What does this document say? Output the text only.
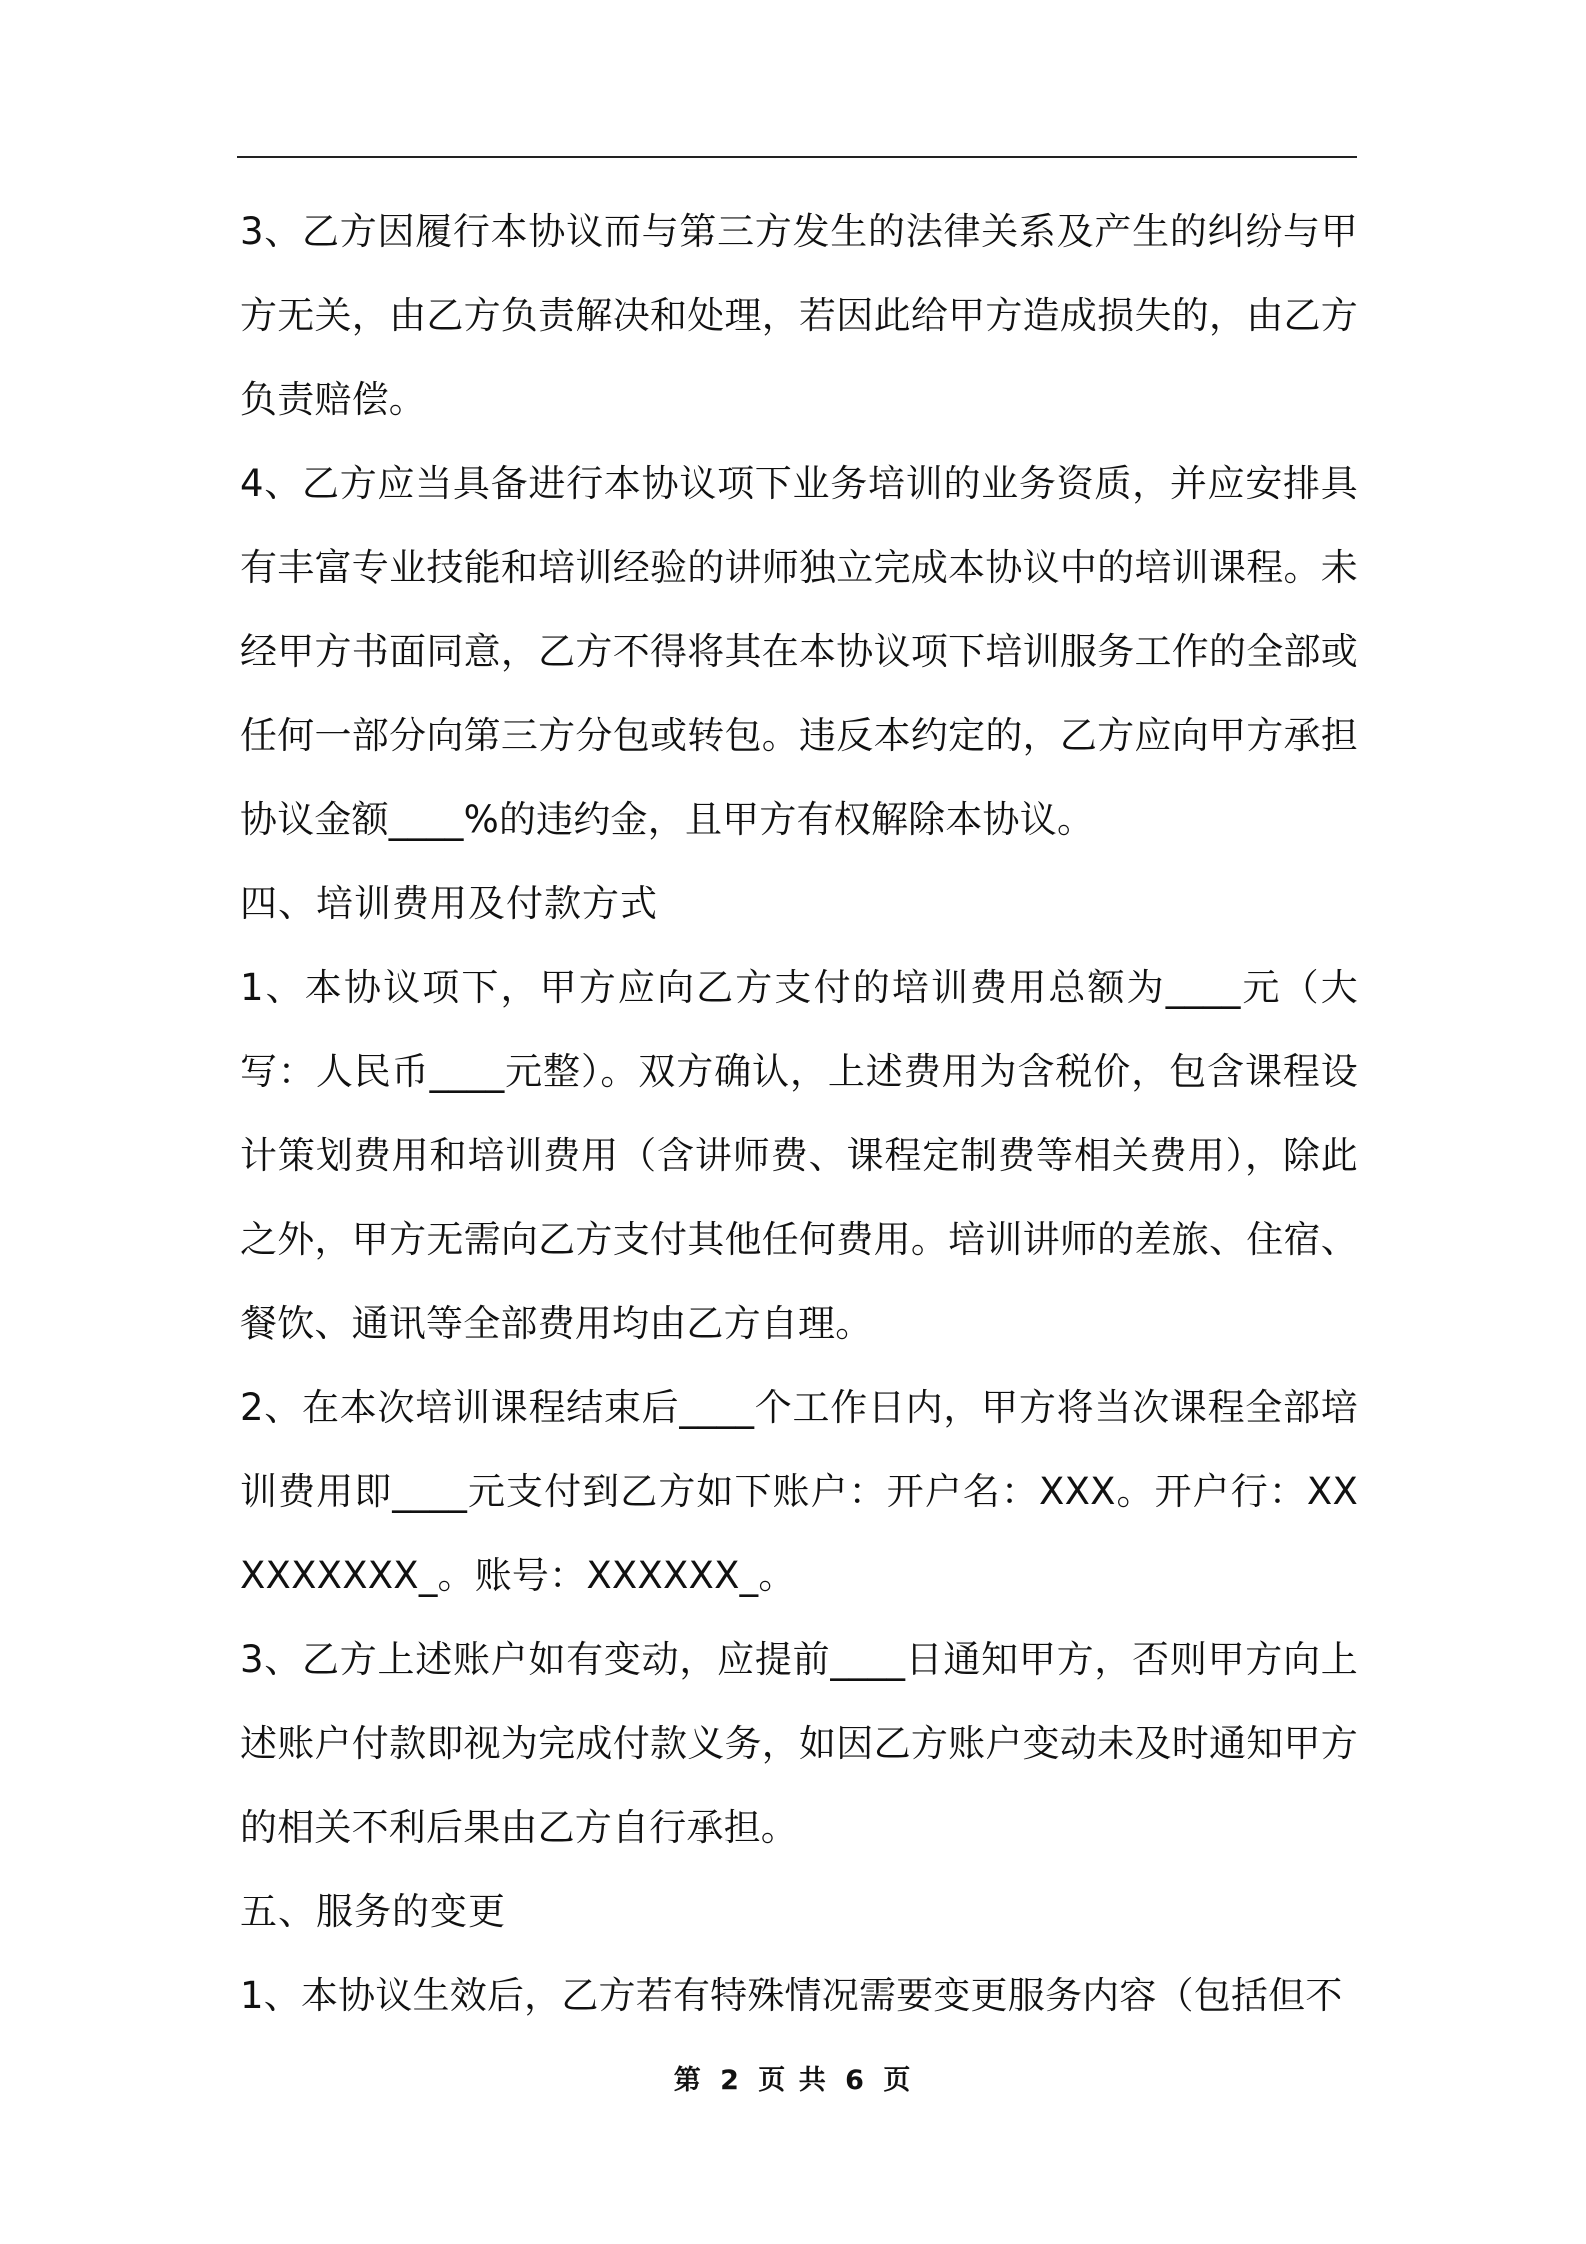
3、乙方因履行本协议而与第三方发生的法律关系及产生的纠纷与甲方无关，由乙方负责解决和处理，若因此给甲方造成损失的，由乙方负责赔偿。

4、乙方应当具备进行本协议项下业务培训的业务资质，并应安排具有丰富专业技能和培训经验的讲师独立完成本协议中的培训课程。未经甲方书面同意，乙方不得将其在本协议项下培训服务工作的全部或任何一部分向第三方分包或转包。违反本约定的，乙方应向甲方承担协议金额____%的违约金，且甲方有权解除本协议。

四、培训费用及付款方式

1、本协议项下，甲方应向乙方支付的培训费用总额为____元（大写：人民币____元整）。双方确认，上述费用为含税价，包含课程设计策划费用和培训费用（含讲师费、课程定制费等相关费用），除此之外，甲方无需向乙方支付其他任何费用。培训讲师的差旅、住宿、餐饮、通讯等全部费用均由乙方自理。

2、在本次培训课程结束后____个工作日内，甲方将当次课程全部培训费用即____元支付到乙方如下账户：开户名：XXX。开户行：XXXXXXXXX_。账号：XXXXXX_。

3、乙方上述账户如有变动，应提前____日通知甲方，否则甲方向上述账户付款即视为完成付款义务，如因乙方账户变动未及时通知甲方的相关不利后果由乙方自行承担。

五、服务的变更

1、本协议生效后，乙方若有特殊情况需要变更服务内容（包括但不

第 2 页 共 6 页
